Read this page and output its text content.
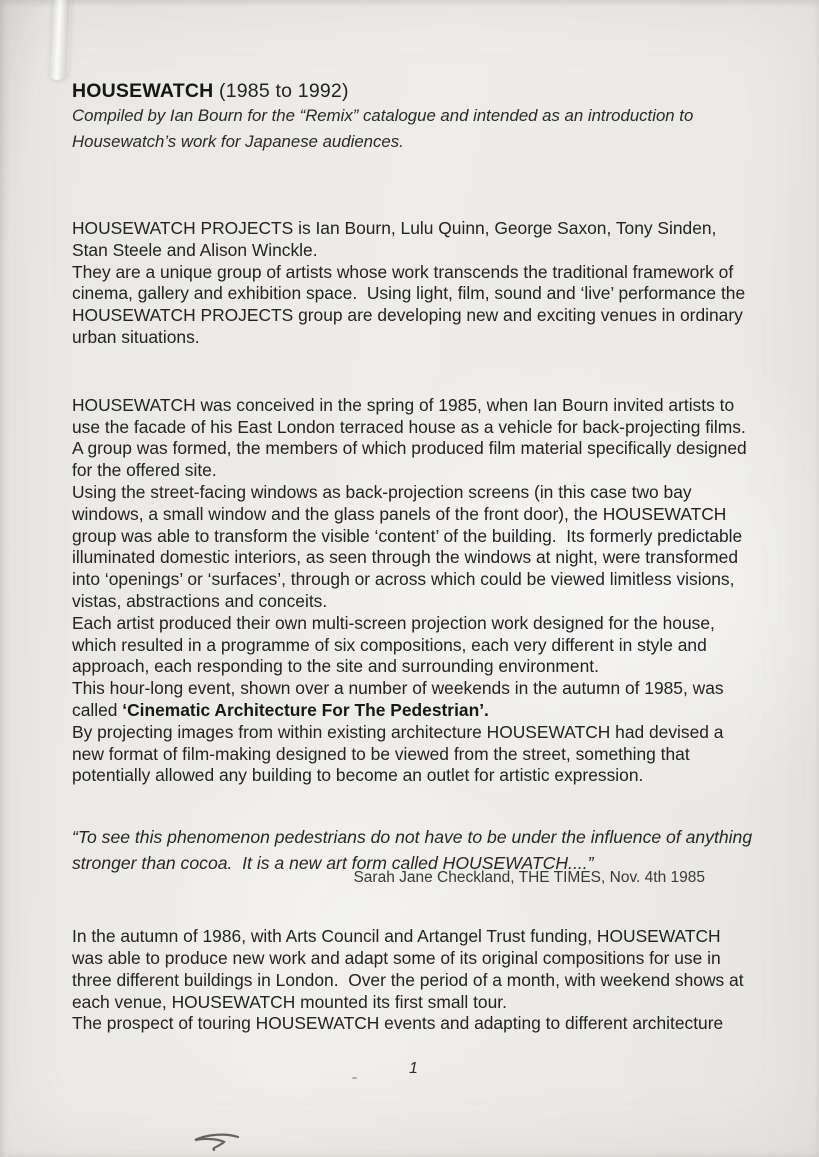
HOUSEWATCH (1985 to 1992)

Compiled by Ian Bourn for the “Remix” catalogue and intended as an introduction to Housewatch’s work for Japanese audiences.

HOUSEWATCH PROJECTS is Ian Bourn, Lulu Quinn, George Saxon, Tony Sinden, Stan Steele and Alison Winckle.

They are a unique group of artists whose work transcends the traditional framework of cinema, gallery and exhibition space.  Using light, film, sound and ‘live’ performance the HOUSEWATCH PROJECTS group are developing new and exciting venues in ordinary urban situations.

HOUSEWATCH was conceived in the spring of 1985, when Ian Bourn invited artists to use the facade of his East London terraced house as a vehicle for back-projecting films.  A group was formed, the members of which produced film material specifically designed for the offered site.

Using the street-facing windows as back-projection screens (in this case two bay windows, a small window and the glass panels of the front door), the HOUSEWATCH group was able to transform the visible ‘content’ of the building.  Its formerly predictable illuminated domestic interiors, as seen through the windows at night, were transformed into ‘openings’ or ‘surfaces’, through or across which could be viewed limitless visions, vistas, abstractions and conceits.

Each artist produced their own multi-screen projection work designed for the house, which resulted in a programme of six compositions, each very different in style and approach, each responding to the site and surrounding environment.

This hour-long event, shown over a number of weekends in the autumn of 1985, was called ‘Cinematic Architecture For The Pedestrian’.

By projecting images from within existing architecture HOUSEWATCH had devised a new format of film-making designed to be viewed from the street, something that potentially allowed any building to become an outlet for artistic expression.

“To see this phenomenon pedestrians do not have to be under the influence of anything stronger than cocoa.  It is a new art form called HOUSEWATCH....”

Sarah Jane Checkland, THE TIMES, Nov. 4th 1985

In the autumn of 1986, with Arts Council and Artangel Trust funding, HOUSEWATCH was able to produce new work and adapt some of its original compositions for use in three different buildings in London.  Over the period of a month, with weekend shows at each venue, HOUSEWATCH mounted its first small tour.

The prospect of touring HOUSEWATCH events and adapting to different architecture

1
